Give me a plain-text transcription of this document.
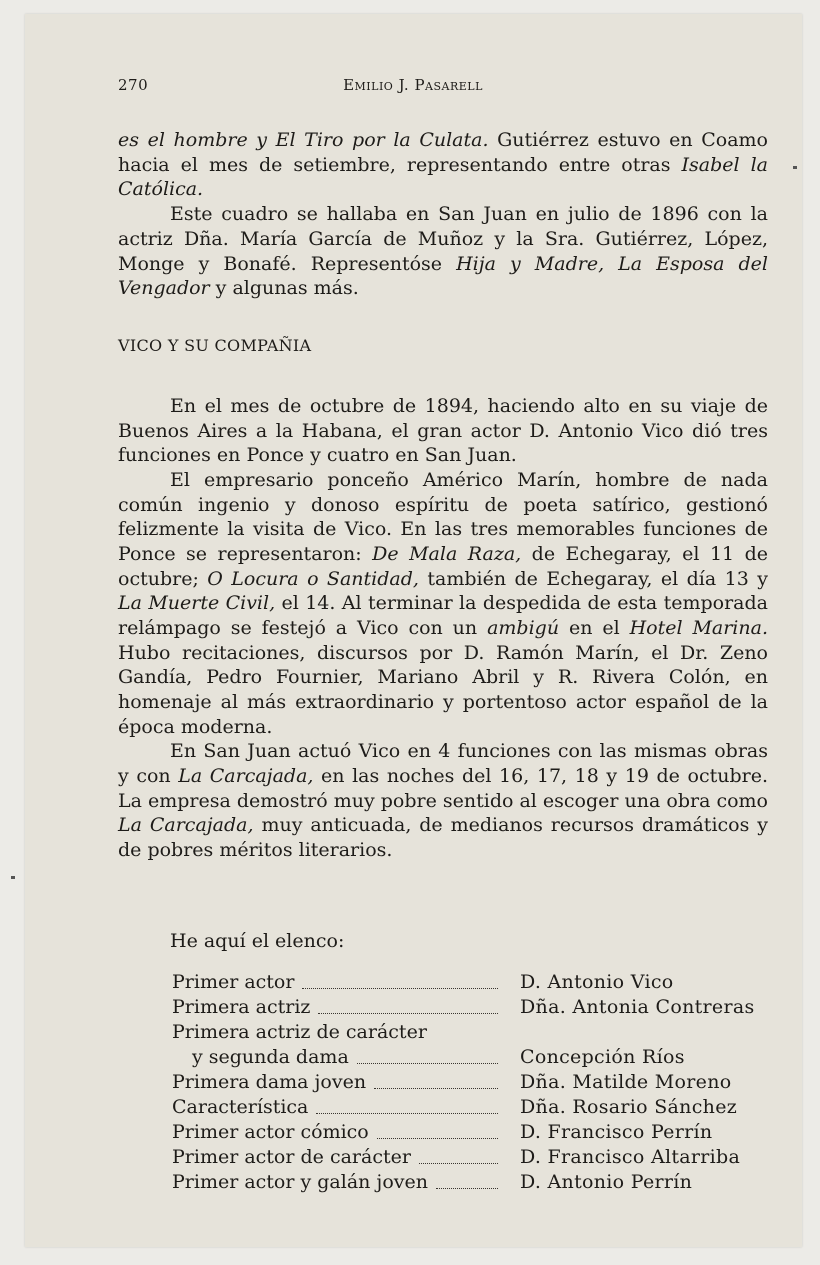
270	Emilio J. Pasarell

es el hombre y El Tiro por la Culata. Gutiérrez estuvo en Coamo hacia el mes de setiembre, representando entre otras Isabel la Católica.

Este cuadro se hallaba en San Juan en julio de 1896 con la actriz Dña. María García de Muñoz y la Sra. Gutiérrez, López, Monge y Bonafé. Representóse Hija y Madre, La Esposa del Vengador y algunas más.

VICO Y SU COMPAÑIA

En el mes de octubre de 1894, haciendo alto en su viaje de Buenos Aires a la Habana, el gran actor D. Antonio Vico dió tres funciones en Ponce y cuatro en San Juan.

El empresario ponceño Américo Marín, hombre de nada común ingenio y donoso espíritu de poeta satírico, gestionó felizmente la visita de Vico. En las tres memorables funciones de Ponce se representaron: De Mala Raza, de Echegaray, el 11 de octubre; O Locura o Santidad, también de Echegaray, el día 13 y La Muerte Civil, el 14. Al terminar la despedida de esta temporada relámpago se festejó a Vico con un ambigú en el Hotel Marina. Hubo recitaciones, discursos por D. Ramón Marín, el Dr. Zeno Gandía, Pedro Fournier, Mariano Abril y R. Rivera Colón, en homenaje al más extraordinario y portentoso actor español de la época moderna.

En San Juan actuó Vico en 4 funciones con las mismas obras y con La Carcajada, en las noches del 16, 17, 18 y 19 de octubre. La empresa demostró muy pobre sentido al escoger una obra como La Carcajada, muy anticuada, de medianos recursos dramáticos y de pobres méritos literarios.

He aquí el elenco:
Primer actor	D. Antonio Vico
Primera actriz	Dña. Antonia Contreras
Primera actriz de carácter
y segunda dama	Concepción Ríos
Primera dama joven	Dña. Matilde Moreno
Característica	Dña. Rosario Sánchez
Primer actor cómico	D. Francisco Perrín
Primer actor de carácter	D. Francisco Altarriba
Primer actor y galán joven	D. Antonio Perrín
